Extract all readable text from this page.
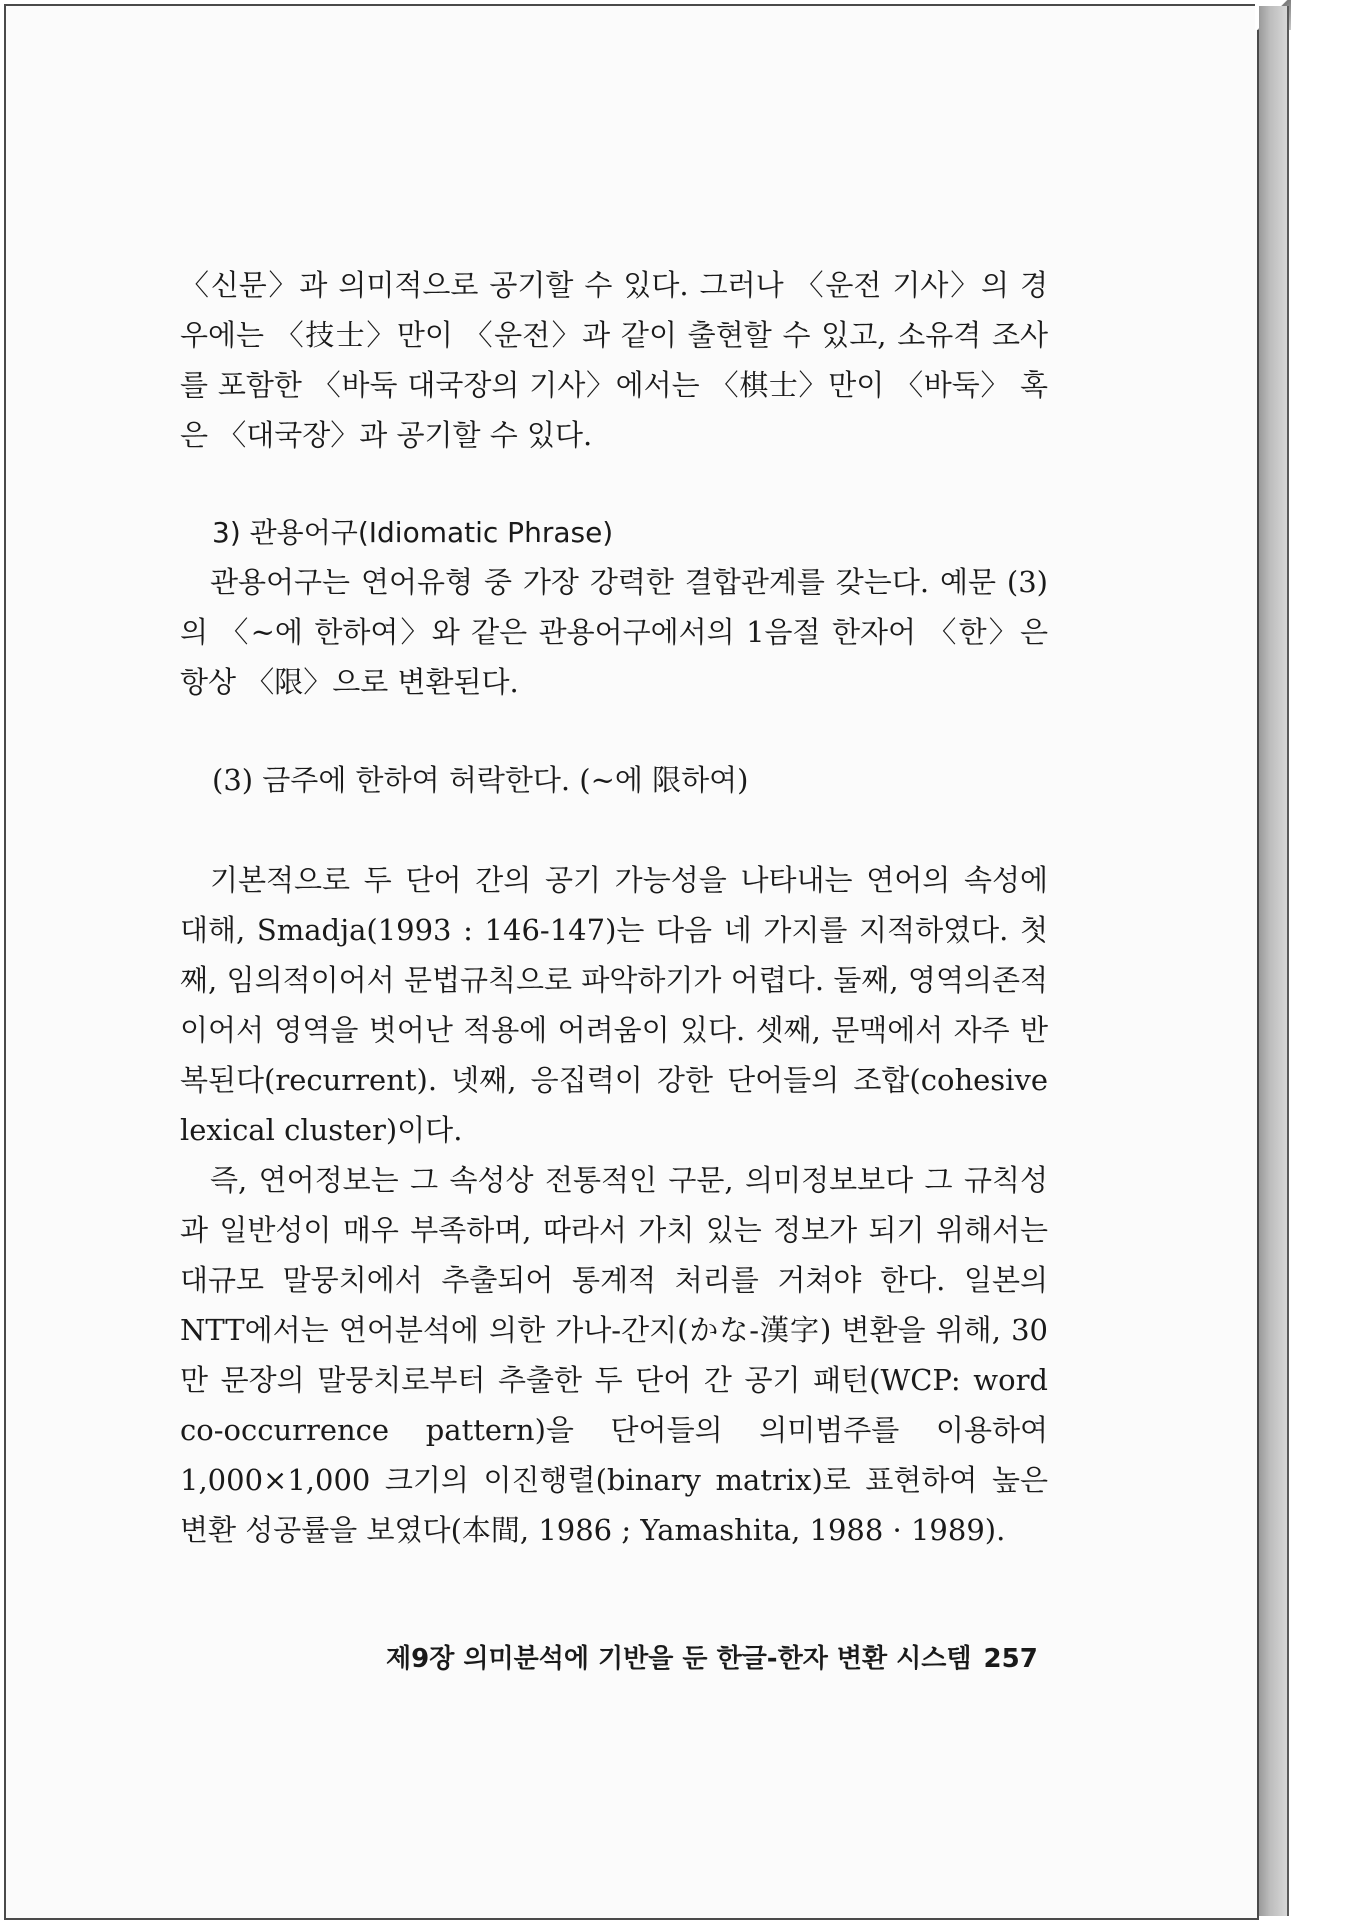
〈신문〉과 의미적으로 공기할 수 있다. 그러나 〈운전 기사〉의 경우에는 〈技士〉만이 〈운전〉과 같이 출현할 수 있고, 소유격 조사를 포함한 〈바둑 대국장의 기사〉에서는 〈棋士〉만이 〈바둑〉 혹은 〈대국장〉과 공기할 수 있다.

3) 관용어구(Idiomatic Phrase)

관용어구는 연어유형 중 가장 강력한 결합관계를 갖는다. 예문 (3)의 〈~에 한하여〉와 같은 관용어구에서의 1음절 한자어 〈한〉은 항상 〈限〉으로 변환된다.

(3) 금주에 한하여 허락한다. (~에 限하여)

기본적으로 두 단어 간의 공기 가능성을 나타내는 연어의 속성에 대해, Smadja(1993 : 146-147)는 다음 네 가지를 지적하였다. 첫째, 임의적이어서 문법규칙으로 파악하기가 어렵다. 둘째, 영역의존적이어서 영역을 벗어난 적용에 어려움이 있다. 셋째, 문맥에서 자주 반복된다(recurrent). 넷째, 응집력이 강한 단어들의 조합(cohesive lexical cluster)이다.

즉, 연어정보는 그 속성상 전통적인 구문, 의미정보보다 그 규칙성과 일반성이 매우 부족하며, 따라서 가치 있는 정보가 되기 위해서는 대규모 말뭉치에서 추출되어 통계적 처리를 거쳐야 한다. 일본의 NTT에서는 연어분석에 의한 가나-간지(かな-漢字) 변환을 위해, 30만 문장의 말뭉치로부터 추출한 두 단어 간 공기 패턴(WCP: word co-occurrence pattern)을 단어들의 의미범주를 이용하여 1,000×1,000 크기의 이진행렬(binary matrix)로 표현하여 높은 변환 성공률을 보였다(本間, 1986 ; Yamashita, 1988 · 1989).

제9장 의미분석에 기반을 둔 한글-한자 변환 시스템 257
